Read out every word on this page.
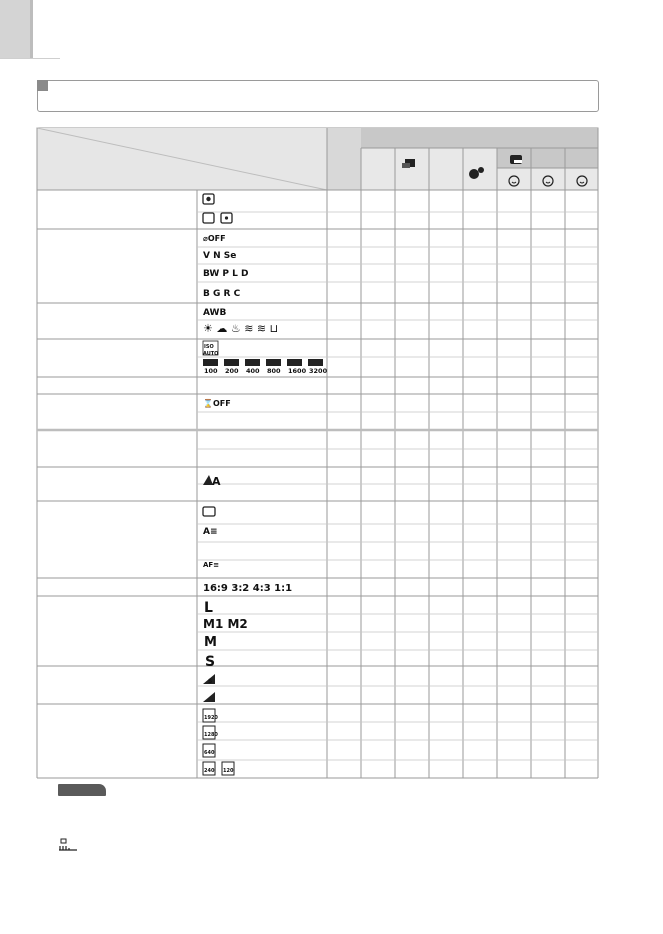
⌀OFF
V N Se
BW P L D
B G R C
AWB
☀ ☁ ♨ ≋ ≋ ⊔
ISO
AUTO
100 200 400 800 1600 3200
⌛OFF
A
A≡
AF≡
16:9 3:2 4:3 1:1
L
M1 M2
M
S
S
1920
1280
640
240 120
